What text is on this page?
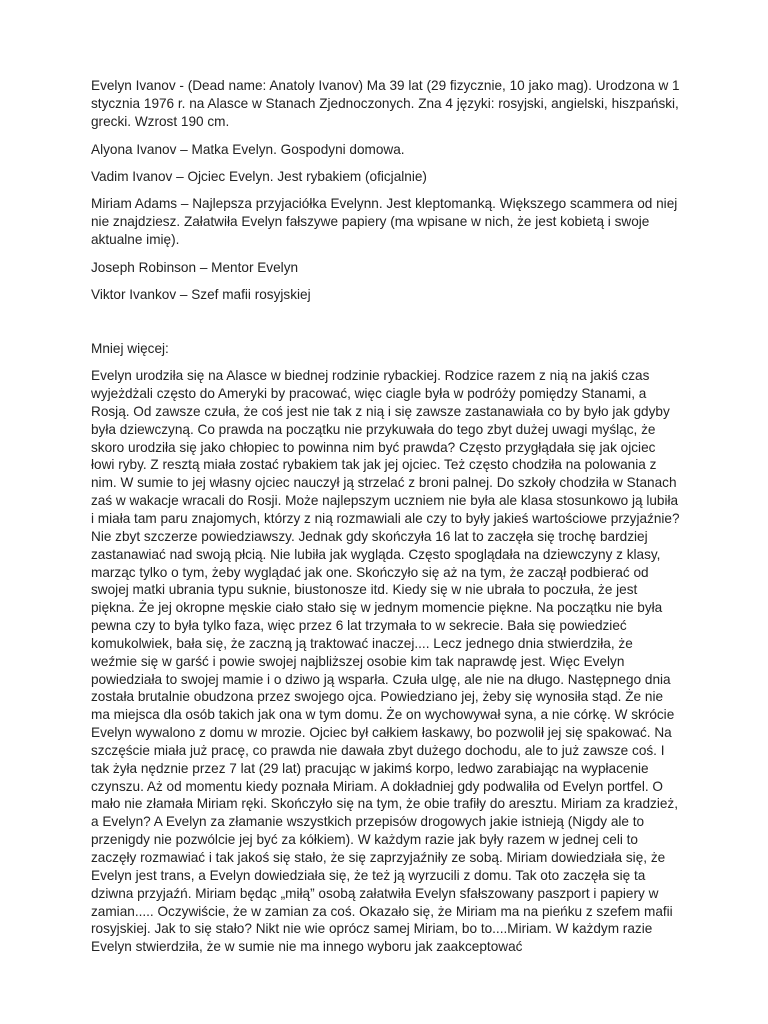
Evelyn Ivanov - (Dead name: Anatoly Ivanov) Ma 39 lat (29 fizycznie, 10 jako mag). Urodzona w 1 stycznia 1976 r. na Alasce w Stanach Zjednoczonych. Zna 4 języki: rosyjski, angielski, hiszpański, grecki. Wzrost 190 cm.

Alyona Ivanov – Matka Evelyn. Gospodyni domowa.

Vadim Ivanov – Ojciec Evelyn. Jest rybakiem (oficjalnie)

Miriam Adams – Najlepsza przyjaciółka Evelynn. Jest kleptomanką. Większego scammera od niej nie znajdziesz. Załatwiła Evelyn fałszywe papiery (ma wpisane w nich, że jest kobietą i swoje aktualne imię).

Joseph Robinson – Mentor Evelyn

Viktor Ivankov – Szef mafii rosyjskiej

Mniej więcej:

Evelyn urodziła się na Alasce w biednej rodzinie rybackiej. Rodzice razem z nią na jakiś czas wyjeżdżali często do Ameryki by pracować, więc ciagle była w podróży pomiędzy Stanami, a Rosją. Od zawsze czuła, że coś jest nie tak z nią i się zawsze zastanawiała co by było jak gdyby była dziewczyną. Co prawda na początku nie przykuwała do tego zbyt dużej uwagi myśląc, że skoro urodziła się jako chłopiec to powinna nim być prawda? Często przygłądała się jak ojciec łowi ryby. Z resztą miała zostać rybakiem tak jak jej ojciec. Też często chodziła na polowania z nim. W sumie to jej własny ojciec nauczył ją strzelać z broni palnej. Do szkoły chodziła w Stanach zaś w wakacje wracali do Rosji. Może najlepszym uczniem nie była ale klasa stosunkowo ją lubiła i miała tam paru znajomych, którzy z nią rozmawiali ale czy to były jakieś wartościowe przyjaźnie? Nie zbyt szczerze powiedziawszy. Jednak gdy skończyła 16 lat to zaczęła się trochę bardziej zastanawiać nad swoją płcią. Nie lubiła jak wygląda. Często spoglądała na dziewczyny z klasy, marząc tylko o tym, żeby wyglądać jak one. Skończyło się aż na tym, że zaczął podbierać od swojej matki ubrania typu suknie, biustonosze itd. Kiedy się w nie ubrała to poczuła, że jest piękna. Że jej okropne męskie ciało stało się w jednym momencie piękne. Na początku nie była pewna czy to była tylko faza, więc przez 6 lat trzymała to w sekrecie. Bała się powiedzieć komukolwiek, bała się, że zaczną ją traktować inaczej.... Lecz jednego dnia stwierdziła, że weźmie się w garść i powie swojej najbliższej osobie kim tak naprawdę jest. Więc Evelyn powiedziała to swojej mamie i o dziwo ją wsparła. Czuła ulgę, ale nie na długo. Następnego dnia została brutalnie obudzona przez swojego ojca. Powiedziano jej, żeby się wynosiła stąd. Że nie ma miejsca dla osób takich jak ona w tym domu. Że on wychowywał syna, a nie córkę. W skrócie Evelyn wywalono z domu w mrozie. Ojciec był całkiem łaskawy, bo pozwolił jej się spakować. Na szczęście miała już pracę, co prawda nie dawała zbyt dużego dochodu, ale to już zawsze coś. I tak żyła nędznie przez 7 lat (29 lat) pracując w jakimś korpo, ledwo zarabiając na wypłacenie czynszu. Aż od momentu kiedy poznała Miriam. A dokładniej gdy podwaliła od Evelyn portfel. O mało nie złamała Miriam ręki. Skończyło się na tym, że obie trafiły do aresztu. Miriam za kradzież, a Evelyn? A Evelyn za złamanie wszystkich przepisów drogowych jakie istnieją (Nigdy ale to przenigdy nie pozwólcie jej być za kółkiem). W każdym razie jak były razem w jednej celi to zaczęły rozmawiać i tak jakoś się stało, że się zaprzyjaźniły ze sobą. Miriam dowiedziała się, że Evelyn jest trans, a Evelyn dowiedziała się, że też ją wyrzucili z domu. Tak oto zaczęła się ta dziwna przyjaźń. Miriam będąc „miłą” osobą załatwiła Evelyn sfałszowany paszport i papiery w zamian..... Oczywiście, że w zamian za coś. Okazało się, że Miriam ma na pieńku z szefem mafii rosyjskiej. Jak to się stało? Nikt nie wie oprócz samej Miriam, bo to....Miriam. W każdym razie Evelyn stwierdziła, że w sumie nie ma innego wyboru jak zaakceptować
